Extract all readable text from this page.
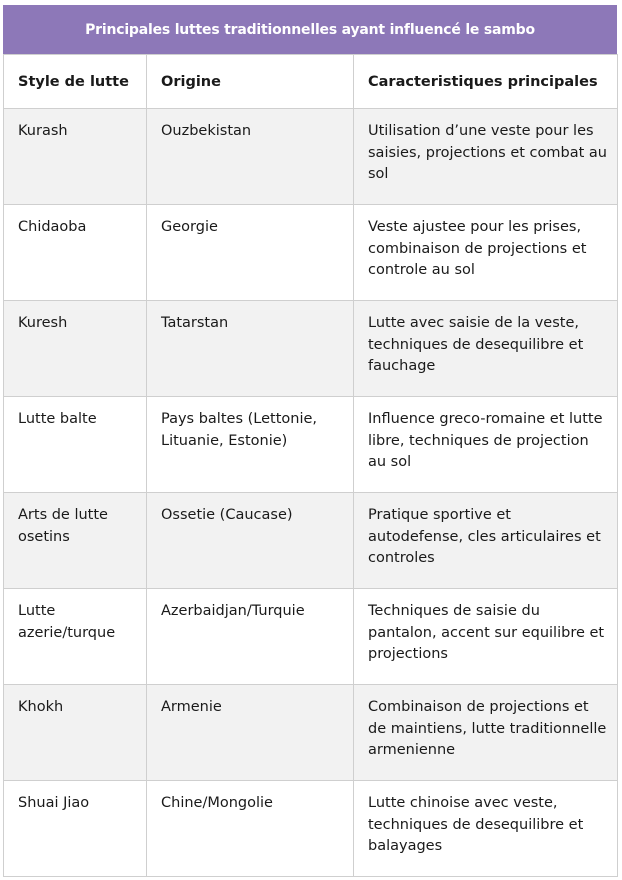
Principales luttes traditionnelles ayant influencé le sambo
Style de lutte	Origine	Caracteristiques principales
Kurash	Ouzbekistan	Utilisation d’une veste pour les saisies, projections et combat au sol
Chidaoba	Georgie	Veste ajustee pour les prises, combinaison de projections et controle au sol
Kuresh	Tatarstan	Lutte avec saisie de la veste, techniques de desequilibre et fauchage
Lutte balte	Pays baltes (Lettonie, Lituanie, Estonie)	Influence greco-romaine et lutte libre, techniques de projection au sol
Arts de lutte osetins	Ossetie (Caucase)	Pratique sportive et autodefense, cles articulaires et controles
Lutte azerie/turque	Azerbaidjan/Turquie	Techniques de saisie du pantalon, accent sur equilibre et projections
Khokh	Armenie	Combinaison de projections et de maintiens, lutte traditionnelle armenienne
Shuai Jiao	Chine/Mongolie	Lutte chinoise avec veste, techniques de desequilibre et balayages
